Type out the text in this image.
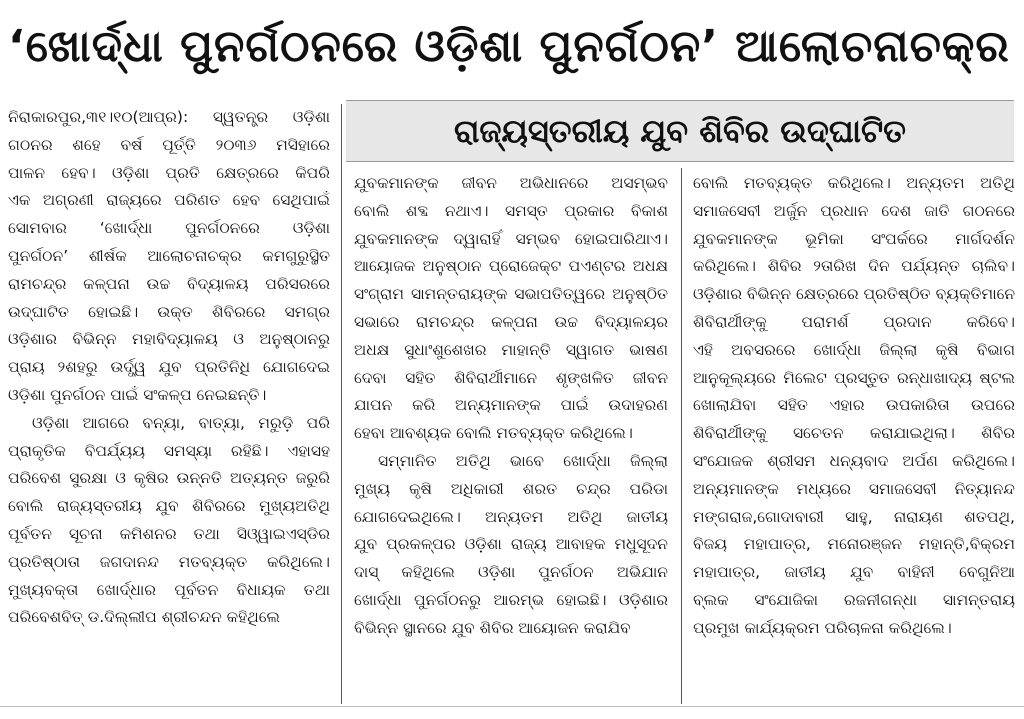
‘ଖୋର୍ଦ୍ଧା ପୁନର୍ଗଠନରେ ଓଡ଼ିଶା ପୁନର୍ଗଠନ’ ଆଲୋଚନାଚକ୍ର
ରାଜ୍ୟସ୍ତରୀୟ ଯୁବ ଶିବିର ଉଦ୍‌ଘାଟିତ
ନିରାକାରପୁର,୩୧।୧୦(ଆପ୍ର): ସ୍ୱତନ୍ତ୍ର ଓଡ଼ିଶା
ଗଠନର ଶହେ ବର୍ଷ ପୂର୍ତ୍ତି ୨୦୩୬ ମସିହାରେ
ପାଳନ ହେବ। ଓଡ଼ିଶା ପ୍ରତି କ୍ଷେତ୍ରରେ କିପରି
ଏକ ଅଗ୍ରଣୀ ରାଜ୍ୟରେ ପରିଣତ ହେବ ସେଥିପାଇଁ
ସୋମବାର ‘ଖୋର୍ଦ୍ଧା ପୁନର୍ଗଠନରେ ଓଡ଼ିଶା
ପୁନର୍ଗଠନ’ ଶୀର୍ଷକ ଆଲୋଚନାଚକ୍ର କମଗୁରୁସ୍ଥିତ
ରାମଚନ୍ଦ୍ର କଳ୍ପନା ଉଚ୍ଚ ବିଦ୍ୟାଳୟ ପରିସରରେ
ଉଦ୍‌ଘାଟିତ ହୋଇଛି। ଉକ୍ତ ଶିବିରରେ ସମଗ୍ର
ଓଡ଼ିଶାର ବିଭିନ୍ନ ମହାବିଦ୍ୟାଳୟ ଓ ଅନୁଷ୍ଠାନରୁ
ପ୍ରାୟ ୨ଶହରୁ ଉର୍ଦ୍ଧ୍ୱ ଯୁବ ପ୍ରତିନିଧି ଯୋଗଦେଇ
ଓଡ଼ିଶା ପୁନର୍ଗଠନ ପାଇଁ ସଂକଳ୍ପ ନେଇଛନ୍ତି।
ଓଡ଼ିଶା ଆଗରେ ବନ୍ୟା, ବାତ୍ୟା, ମରୁଡ଼ି ପରି
ପ୍ରାକୃତିକ ବିପର୍ଯ୍ୟୟ ସମସ୍ୟା ରହିଛି। ଏହାସହ
ପରିବେଶ ସୁରକ୍ଷା ଓ କୃଷିର ଉନ୍ନତି ଅତ୍ୟନ୍ତ ଜରୁରି
ବୋଲି ରାଜ୍ୟସ୍ତରୀୟ ଯୁବ ଶିବିରରେ ମୁଖ୍ୟଅତିଥି
ପୂର୍ବତନ ସୂଚନା କମିଶନର ତଥା ସିଓ୍ୱାଇଏସ୍‌ଡିର
ପ୍ରତିଷ୍ଠାତା ଜଗଦାନନ୍ଦ ମତବ୍ୟକ୍ତ କରିଥିଲେ।
ମୁଖ୍ୟବକ୍ତା ଖୋର୍ଦ୍ଧାର ପୂର୍ବତନ ବିଧାୟକ ତଥା
ପରିବେଶବିତ୍ ଡ.ଦିଲ୍ଲୀପ ଶ୍ରୀଚନ୍ଦନ କହିଥିଲେ
ଯୁବକମାନଙ୍କ ଜୀବନ ଅଭିଧାନରେ ଅସମ୍ଭବ
ବୋଲି ଶବ୍ଦ ନଥାଏ। ସମସ୍ତ ପ୍ରକାର ବିକାଶ
ଯୁବକମାନଙ୍କ ଦ୍ୱାରାହିଁ ସମ୍ଭବ ହୋଇପାରିଥାଏ।
ଆୟୋଜକ ଅନୁଷ୍ଠାନ ପ୍ରୋଜେକ୍ଟ ପଏଣ୍ଟର ଅଧକ୍ଷ
ସଂଗ୍ରାମ ସାମନ୍ତରାୟଙ୍କ ସଭାପତିତ୍ୱରେ ଅନୁଷ୍ଠିତ
ସଭାରେ ରାମଚନ୍ଦ୍ର କଳ୍ପନା ଉଚ୍ଚ ବିଦ୍ୟାଳୟର
ଅଧକ୍ଷ ସୁଧାଂଶୁଶେଖର ମାହାନ୍ତି ସ୍ୱାଗତ ଭାଷଣ
ଦେବା ସହିତ ଶିବିରାର୍ଥୀମାନେ ଶୃଙ୍ଖଳିତ ଜୀବନ
ଯାପନ କରି ଅନ୍ୟମାନଙ୍କ ପାଇଁ ଉଦାହରଣ
ହେବା ଆବଶ୍ୟକ ବୋଲି ମତବ୍ୟକ୍ତ କରିଥିଲେ।
ସମ୍ମାନିତ ଅତିଥି ଭାବେ ଖୋର୍ଦ୍ଧା ଜିଲ୍ଲା
ମୁଖ୍ୟ କୃଷି ଅଧିକାରୀ ଶରତ ଚନ୍ଦ୍ର ପରିଡା
ଯୋଗଦେଇଥିଲେ। ଅନ୍ୟତମ ଅତିଥି ଜାତୀୟ
ଯୁବ ପ୍ରକଳ୍ପର ଓଡ଼ିଶା ରାଜ୍ୟ ଆବାହକ ମଧୁସୂଦନ
ଦାସ୍ କହିଥିଲେ ଓଡ଼ିଶା ପୁନର୍ଗଠନ ଅଭିଯାନ
ଖୋର୍ଦ୍ଧା ପୁନର୍ଗଠନରୁ ଆରମ୍ଭ ହୋଇଛି। ଓଡ଼ିଶାର
ବିଭିନ୍ନ ସ୍ଥାନରେ ଯୁବ ଶିବିର ଆୟୋଜନ କରାଯିବ
ବୋଲି ମତବ୍ୟକ୍ତ କରିଥିଲେ। ଅନ୍ୟତମ ଅତିଥି
ସମାଜସେବୀ ଅର୍ଜୁନ ପ୍ରଧାନ ଦେଶ ଜାତି ଗଠନରେ
ଯୁବକମାନଙ୍କ ଭୂମିକା ସଂପର୍କରେ ମାର୍ଗଦର୍ଶନ
କରିଥିଲେ। ଶିବିର ୨ତାରିଖ ଦିନ ପର୍ଯ୍ୟନ୍ତ ଚାଲିବ।
ଓଡ଼ିଶାର ବିଭିନ୍ନ କ୍ଷେତ୍ରରେ ପ୍ରତିଷ୍ଠିତ ବ୍ୟକ୍ତିମାନେ
ଶିବିରାର୍ଥୀଙ୍କୁ ପରାମର୍ଶ ପ୍ରଦାନ କରିବେ।
ଏହି ଅବସରରେ ଖୋର୍ଦ୍ଧା ଜିଲ୍ଲା କୃଷି ବିଭାଗ
ଆନୁକୂଲ୍ୟରେ ମିଲେଟ ପ୍ରସ୍ତୁତ ରନ୍ଧାଖାଦ୍ୟ ଷ୍ଟଲ
ଖୋଲାଯିବା ସହିତ ଏହାର ଉପକାରିତା ଉପରେ
ଶିବିରାର୍ଥୀଙ୍କୁ ସଚେତନ କରାଯାଇଥିଲା। ଶିବିର
ସଂଯୋଜକ ଶ୍ରୀସମ ଧନ୍ୟବାଦ ଅର୍ପଣ କରିଥିଲେ।
ଅନ୍ୟମାନଙ୍କ ମଧ୍ୟରେ ସମାଜସେବୀ ନିତ୍ୟାନନ୍ଦ
ମଙ୍ଗରାଜ,ଗୋଦାବାରୀ ସାହୁ, ନାରାୟଣ ଶତପଥି,
ବିଜୟ ମହାପାତ୍ର, ମନୋରଞ୍ଜନ ମହାନ୍ତି,ବିକ୍ରମ
ମହାପାତ୍ର, ଜାତୀୟ ଯୁବ ବାହିନୀ ବେଗୁନିଆ
ବ୍ଲକ ସଂଯୋଜିକା ରଜନୀଗନ୍ଧା ସାମନ୍ତରାୟ
ପ୍ରମୁଖ କାର୍ଯ୍ୟକ୍ରମ ପରିଚାଳନା କରିଥିଲେ।
